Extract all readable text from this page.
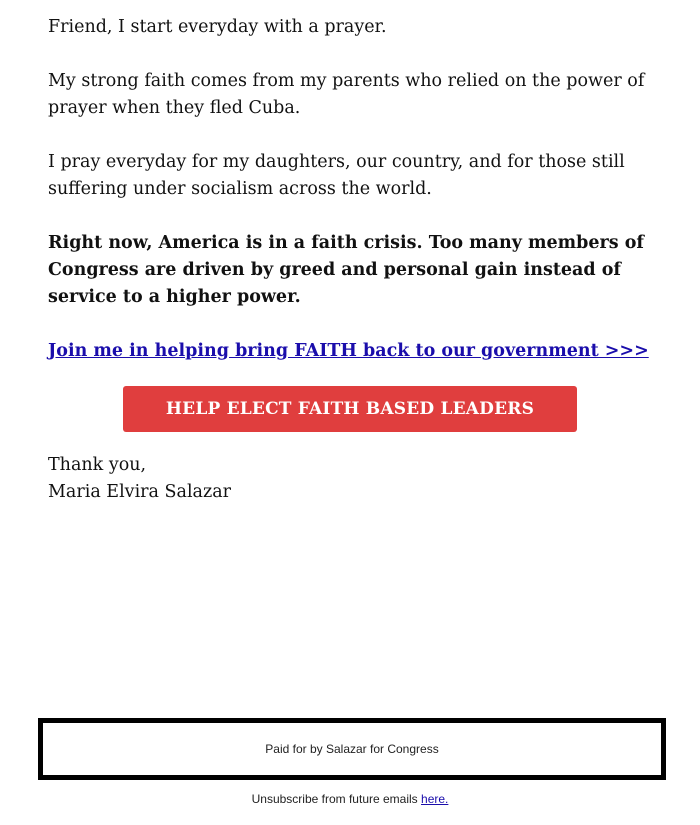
Friend, I start everyday with a prayer.

My strong faith comes from my parents who relied on the power of prayer when they fled Cuba.

I pray everyday for my daughters, our country, and for those still suffering under socialism across the world.

Right now, America is in a faith crisis. Too many members of Congress are driven by greed and personal gain instead of service to a higher power.

Join me in helping bring FAITH back to our government >>>

HELP ELECT FAITH BASED LEADERS
Thank you,
Maria Elvira Salazar
Paid for by Salazar for Congress
Unsubscribe from future emails here.
